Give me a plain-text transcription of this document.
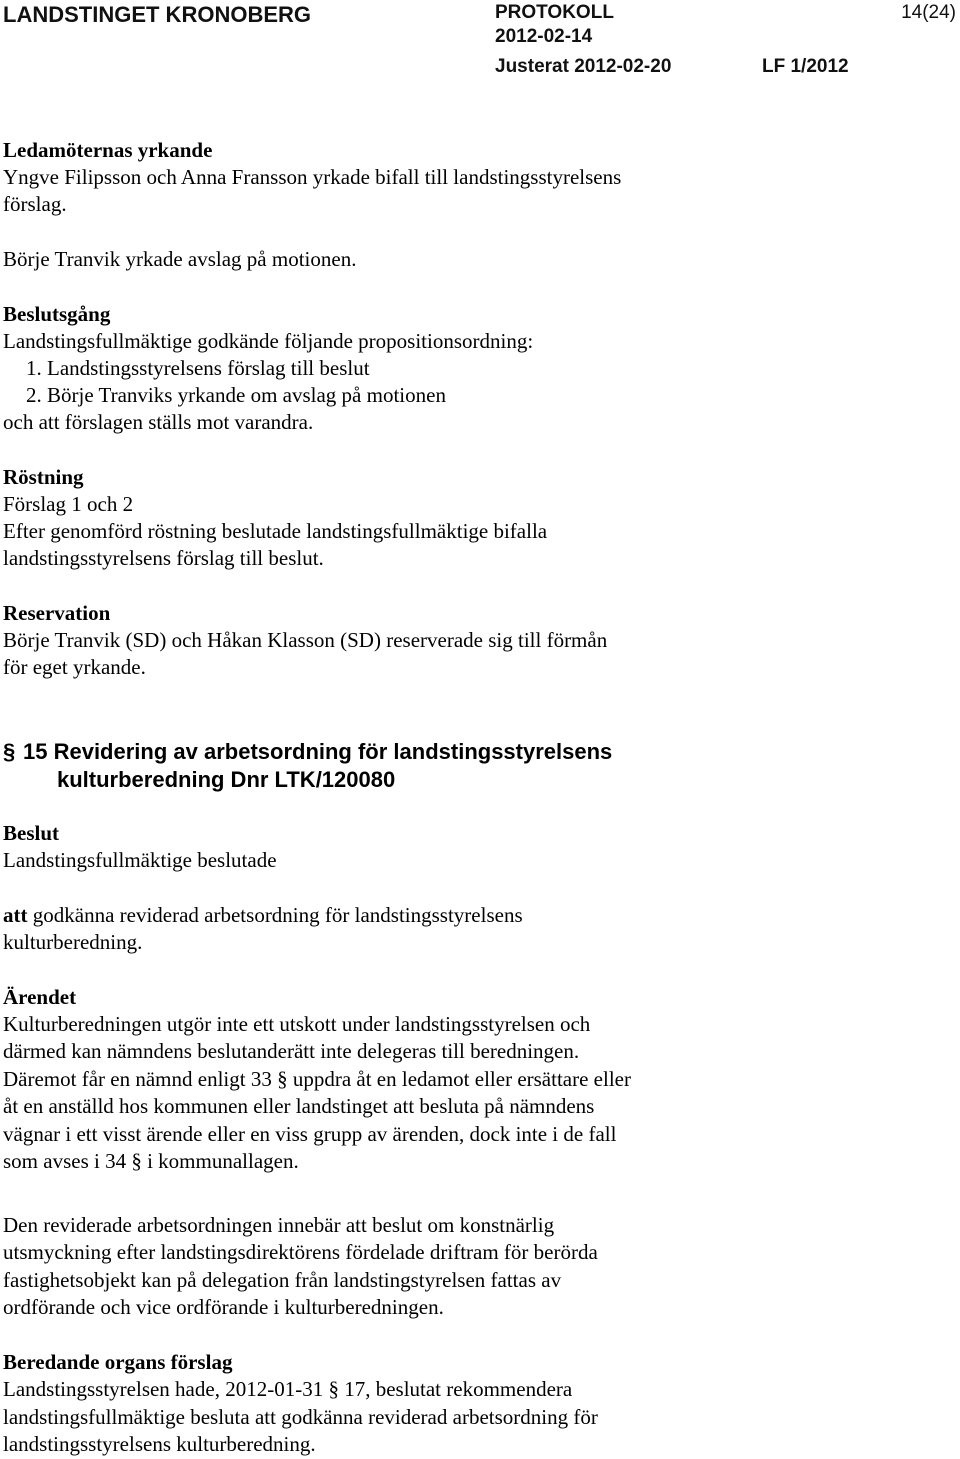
LANDSTINGET KRONOBERG	PROTOKOLL	14(24)
2012-02-14
Justerat 2012-02-20	LF 1/2012
Ledamöternas yrkande
Yngve Filipsson och Anna Fransson yrkade bifall till landstingsstyrelsens
förslag.
Börje Tranvik yrkade avslag på motionen.
Beslutsgång
Landstingsfullmäktige godkände följande propositionsordning:
1. Landstingsstyrelsens förslag till beslut
2. Börje Tranviks yrkande om avslag på motionen
och att förslagen ställs mot varandra.
Röstning
Förslag 1 och 2
Efter genomförd röstning beslutade landstingsfullmäktige bifalla
landstingsstyrelsens förslag till beslut.
Reservation
Börje Tranvik (SD) och Håkan Klasson (SD) reserverade sig till förmån
för eget yrkande.
§ 15 Revidering av arbetsordning för landstingsstyrelsens
kulturberedning Dnr LTK/120080
Beslut
Landstingsfullmäktige beslutade
att godkänna reviderad arbetsordning för landstingsstyrelsens
kulturberedning.
Ärendet
Kulturberedningen utgör inte ett utskott under landstingsstyrelsen och
därmed kan nämndens beslutanderätt inte delegeras till beredningen.
Däremot får en nämnd enligt 33 § uppdra åt en ledamot eller ersättare eller
åt en anställd hos kommunen eller landstinget att besluta på nämndens
vägnar i ett visst ärende eller en viss grupp av ärenden, dock inte i de fall
som avses i 34 § i kommunallagen.
Den reviderade arbetsordningen innebär att beslut om konstnärlig
utsmyckning efter landstingsdirektörens fördelade driftram för berörda
fastighetsobjekt kan på delegation från landstingstyrelsen fattas av
ordförande och vice ordförande i kulturberedningen.
Beredande organs förslag
Landstingsstyrelsen hade, 2012-01-31 § 17, beslutat rekommendera
landstingsfullmäktige besluta att godkänna reviderad arbetsordning för
landstingsstyrelsens kulturberedning.
